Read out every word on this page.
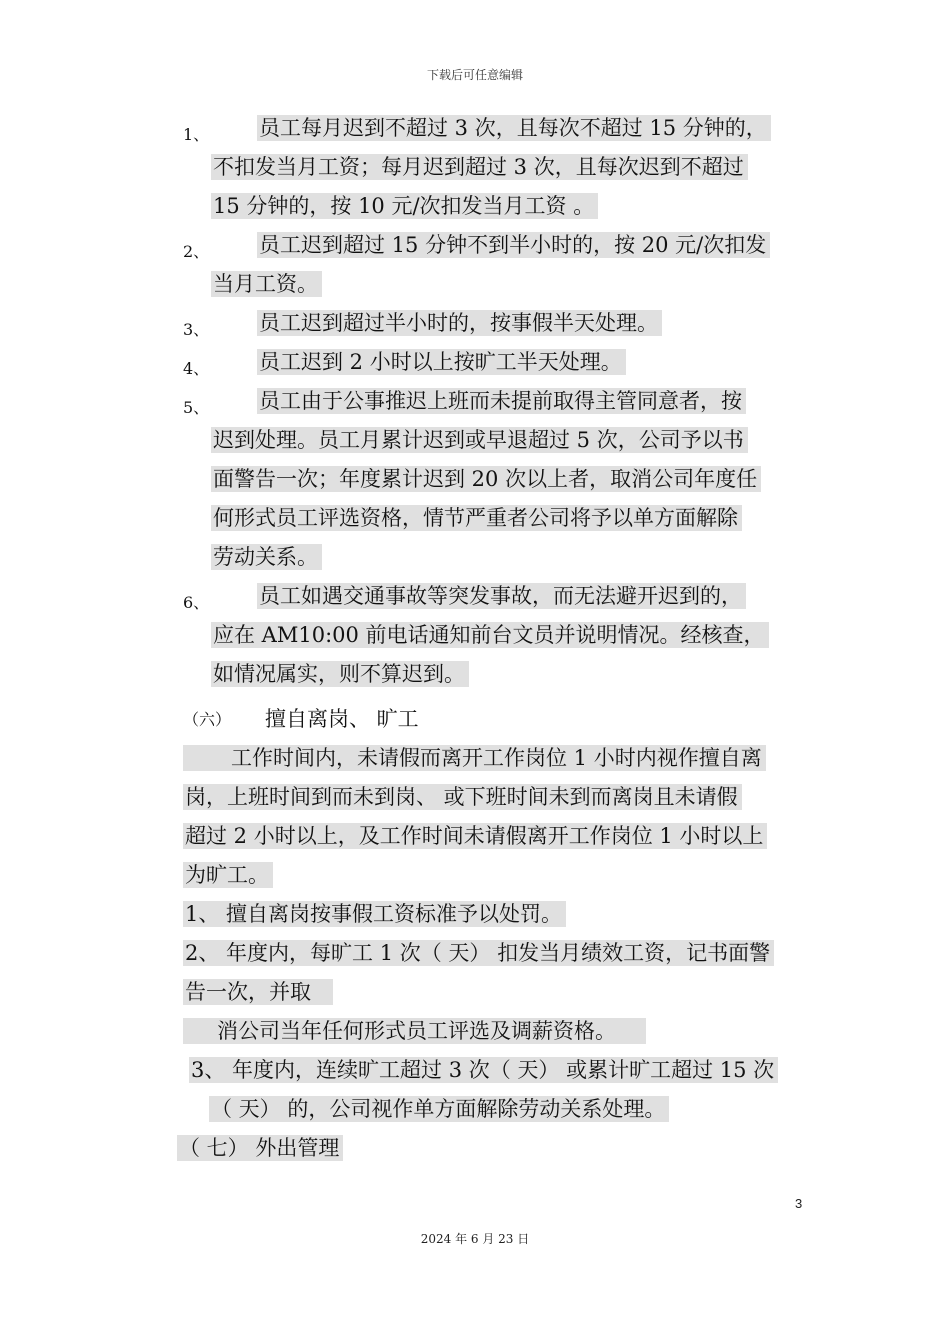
下载后可任意编辑
1、 员工每月迟到不超过 3 次，且每次不超过 15 分钟的，
不扣发当月工资；每月迟到超过 3 次，且每次迟到不超过
15 分钟的，按 10 元/次扣发当月工资 。
2、 员工迟到超过 15 分钟不到半小时的，按 20 元/次扣发
当月工资。
3、 员工迟到超过半小时的，按事假半天处理。
4、 员工迟到 2 小时以上按旷工半天处理。
5、 员工由于公事推迟上班而未提前取得主管同意者，按
迟到处理。员工月累计迟到或早退超过 5 次，公司予以书
面警告一次；年度累计迟到 20 次以上者，取消公司年度任
何形式员工评选资格，情节严重者公司将予以单方面解除
劳动关系。
6、 员工如遇交通事故等突发事故，而无法避开迟到的，
应在 AM10:00 前电话通知前台文员并说明情况。经核查，
如情况属实，则不算迟到。
（六） 擅自离岗、 旷工
工作时间内，未请假而离开工作岗位 1 小时内视作擅自离
岗，上班时间到而未到岗、 或下班时间未到而离岗且未请假
超过 2 小时以上，及工作时间未请假离开工作岗位 1 小时以上
为旷工。
1、 擅自离岗按事假工资标准予以处罚。
2、 年度内，每旷工 1 次（ 天） 扣发当月绩效工资，记书面警
告一次，并取
消公司当年任何形式员工评选及调薪资格。
3、 年度内，连续旷工超过 3 次（ 天） 或累计旷工超过 15 次
（ 天） 的，公司视作单方面解除劳动关系处理。
（ 七） 外出管理
3
2024 年 6 月 23 日
